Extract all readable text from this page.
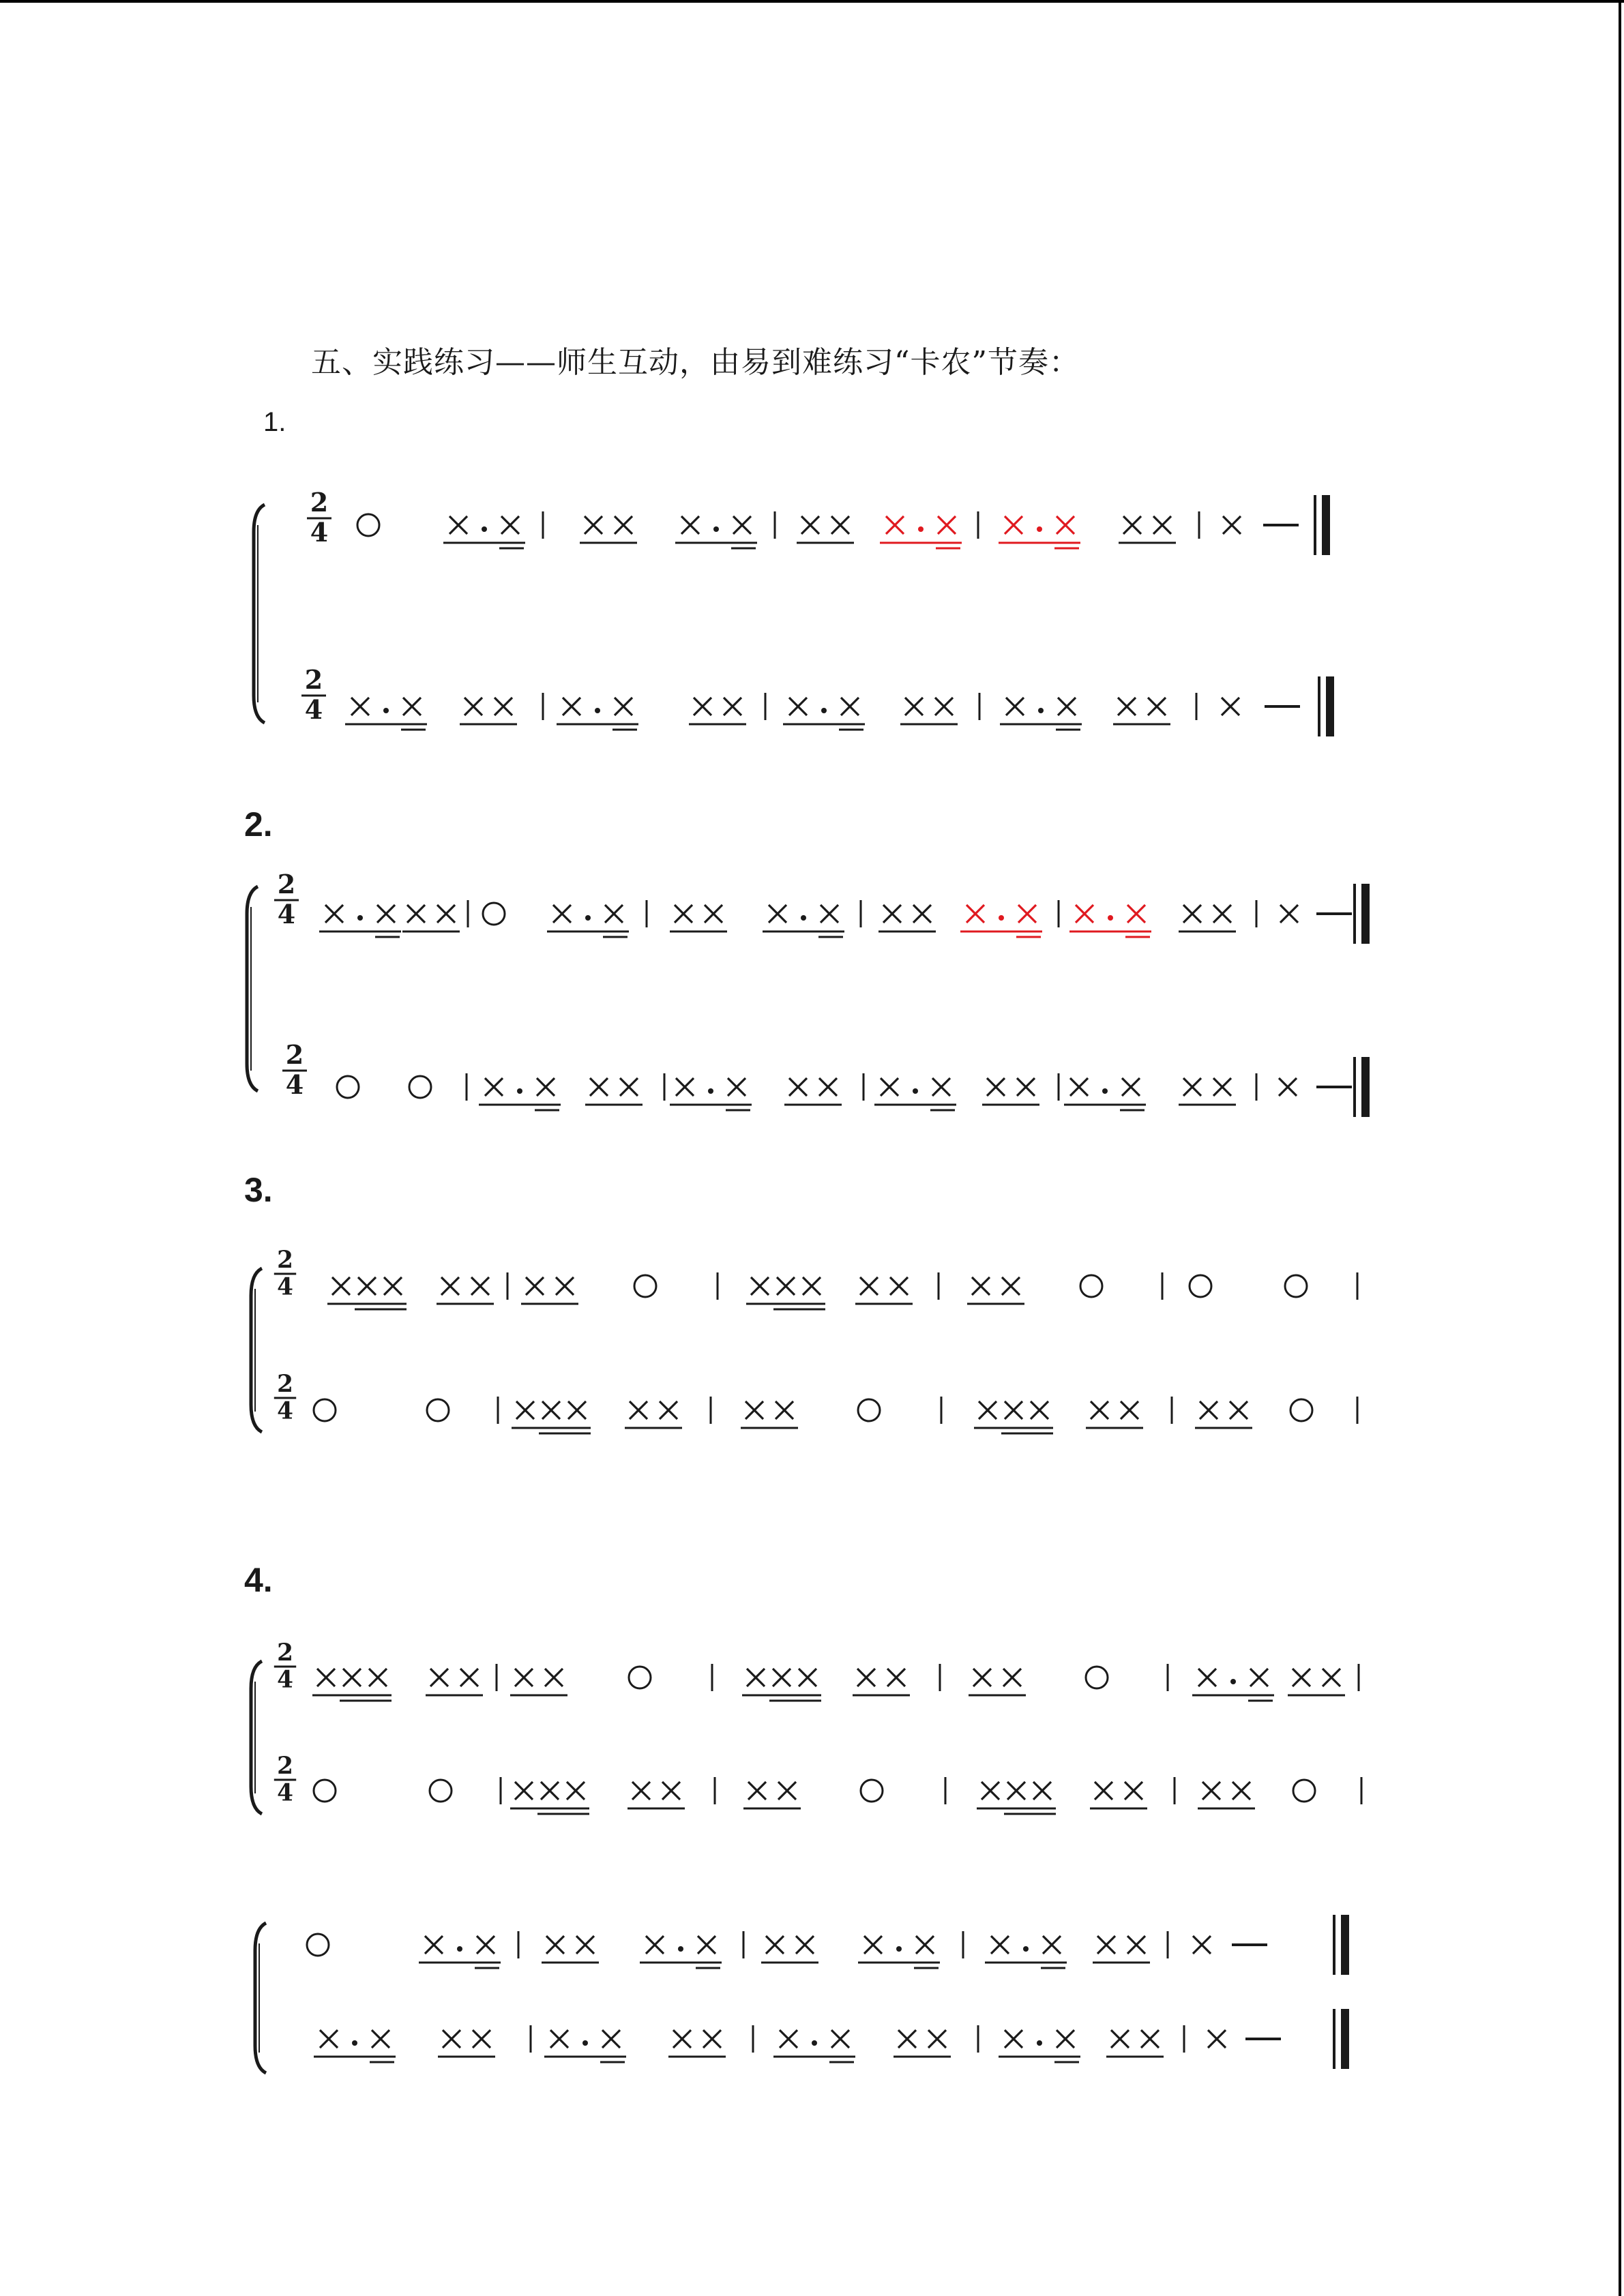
五、实践练习——师生互动，由易到难练习“卡农”节奏：
1.
2.
3.
4.
2
4
2
4
2
4
2
4
2
4
2
4
2
4
2
4
